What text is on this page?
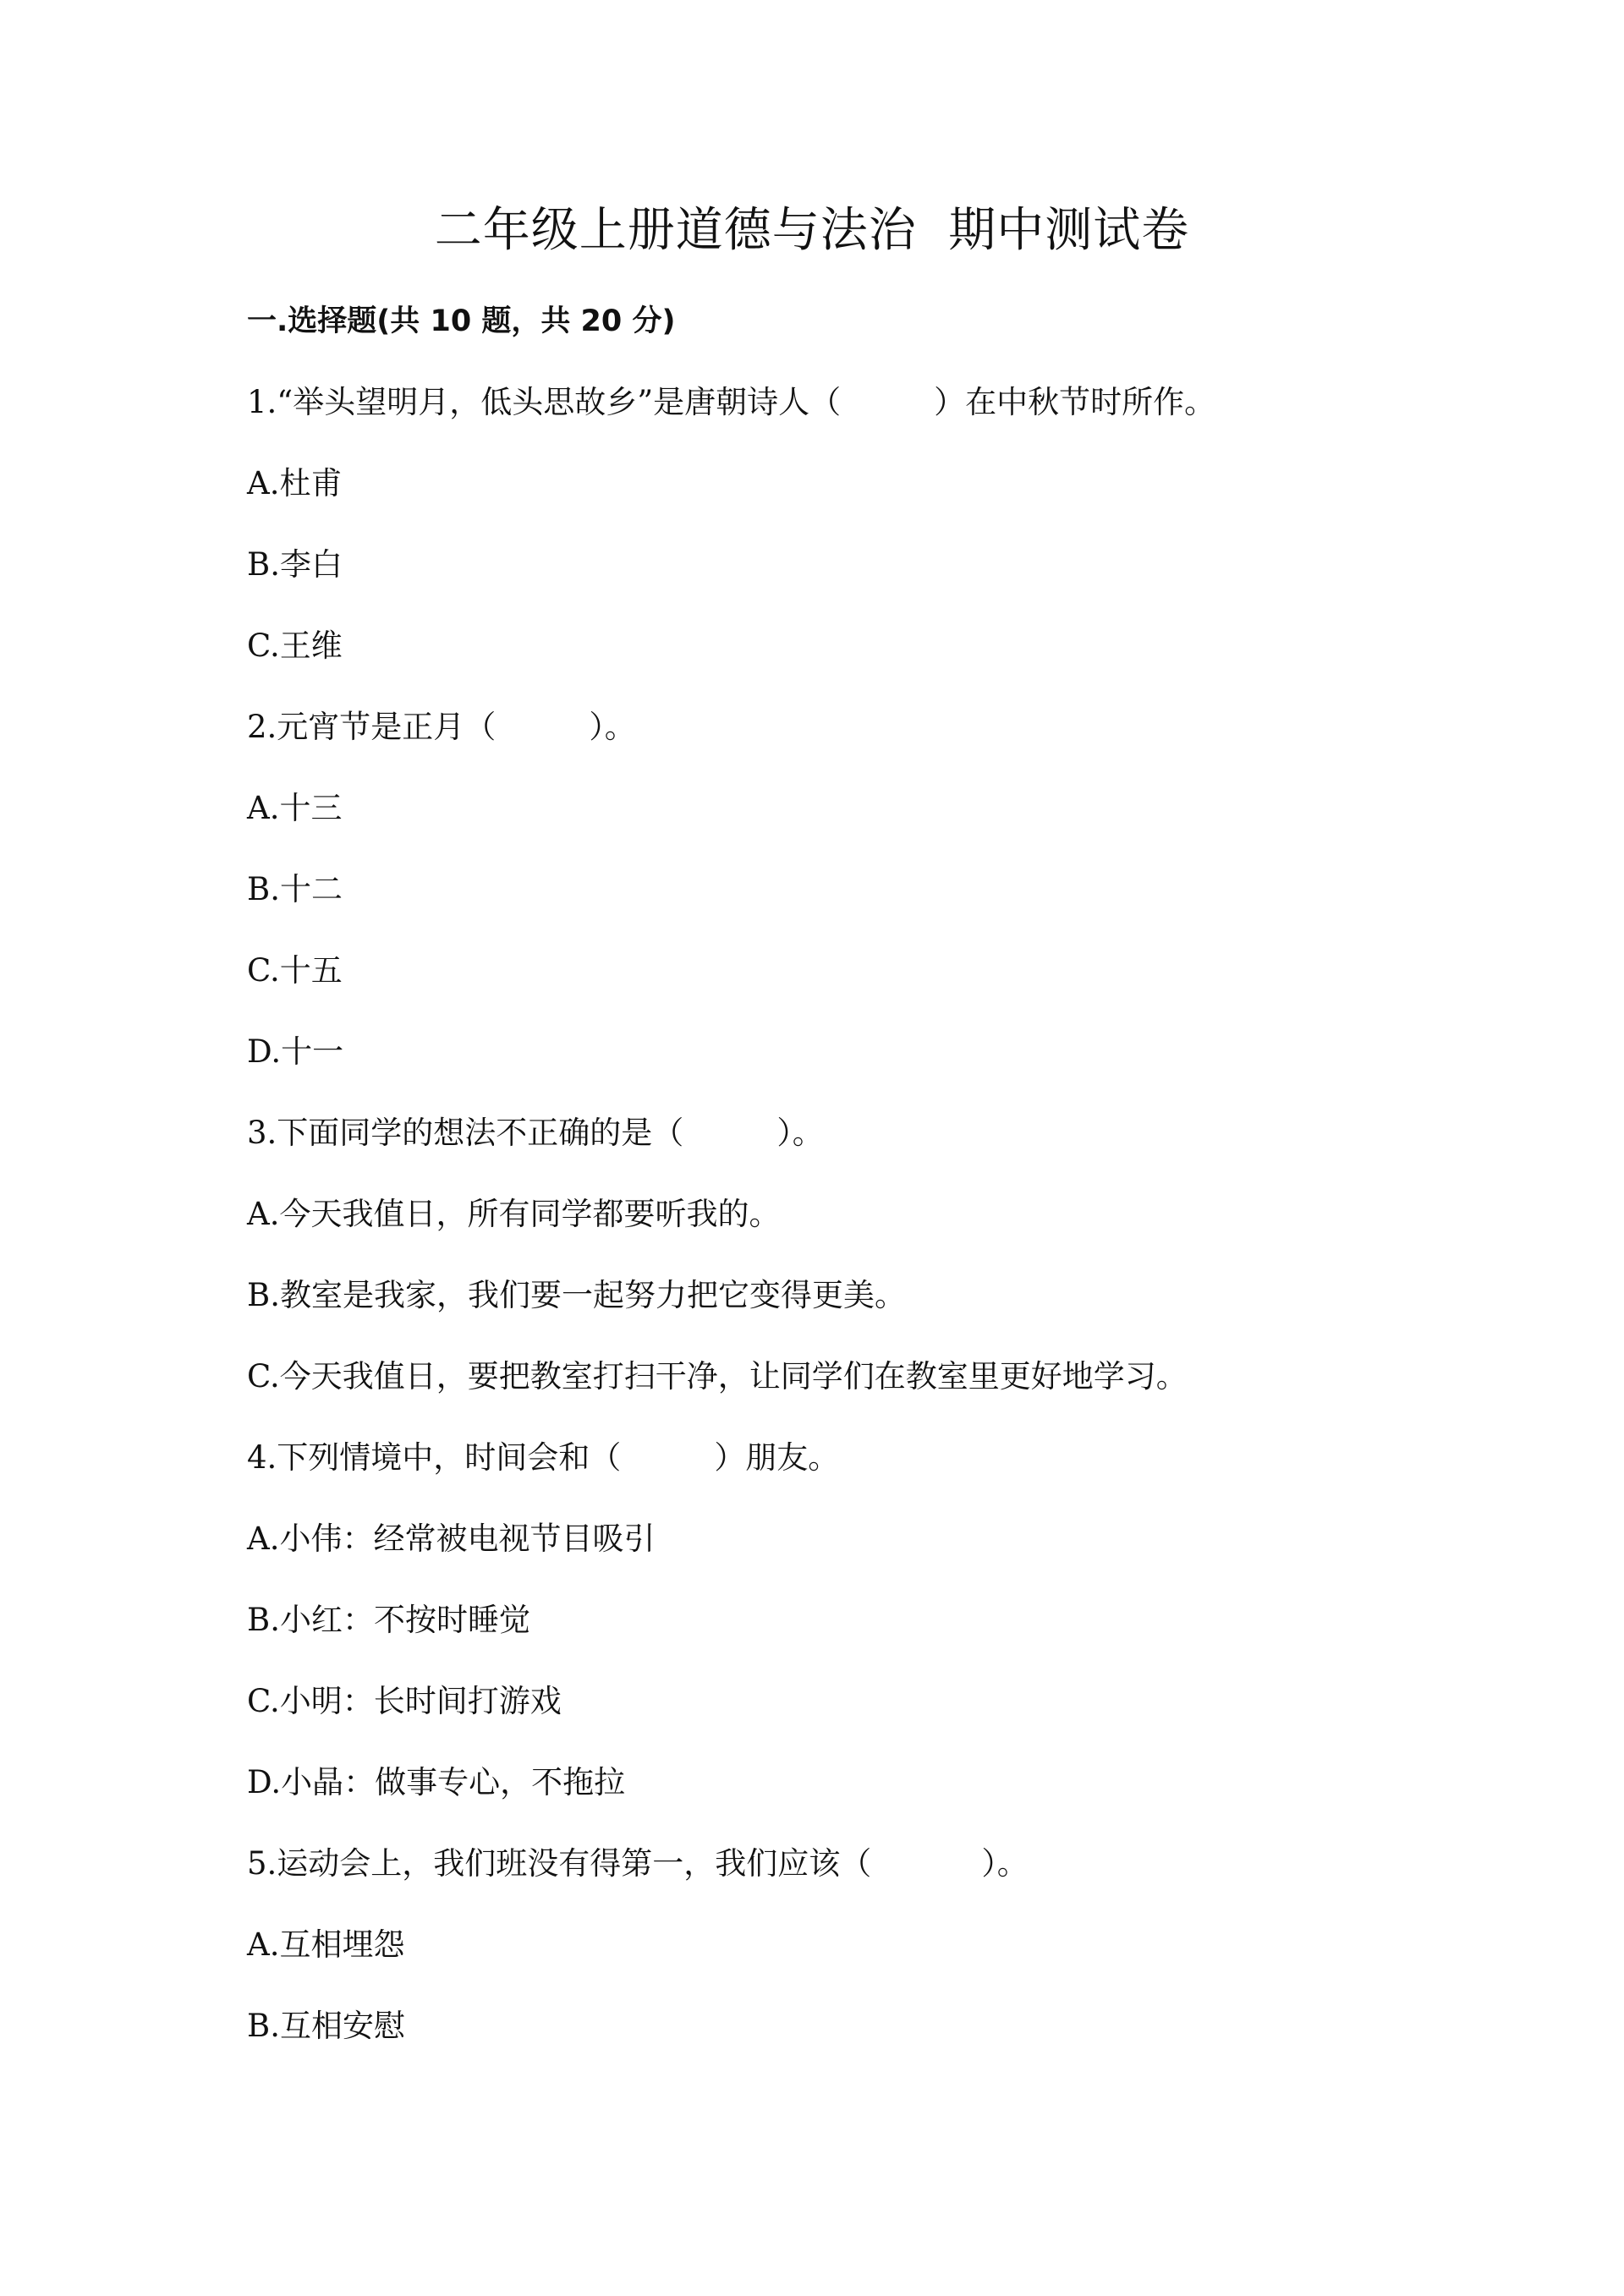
二年级上册道德与法治  期中测试卷
一.选择题(共 10 题，共 20 分)
1.“举头望明月，低头思故乡”是唐朝诗人（	）在中秋节时所作。
A.杜甫
B.李白
C.王维
2.元宵节是正月（	）。
A.十三
B.十二
C.十五
D.十一
3.下面同学的想法不正确的是（	）。
A.今天我值日，所有同学都要听我的。
B.教室是我家，我们要一起努力把它变得更美。
C.今天我值日，要把教室打扫干净，让同学们在教室里更好地学习。
4.下列情境中，时间会和（	）朋友。
A.小伟：经常被电视节目吸引
B.小红：不按时睡觉
C.小明：长时间打游戏
D.小晶：做事专心，不拖拉
5.运动会上，我们班没有得第一，我们应该（	）。
A.互相埋怨
B.互相安慰
